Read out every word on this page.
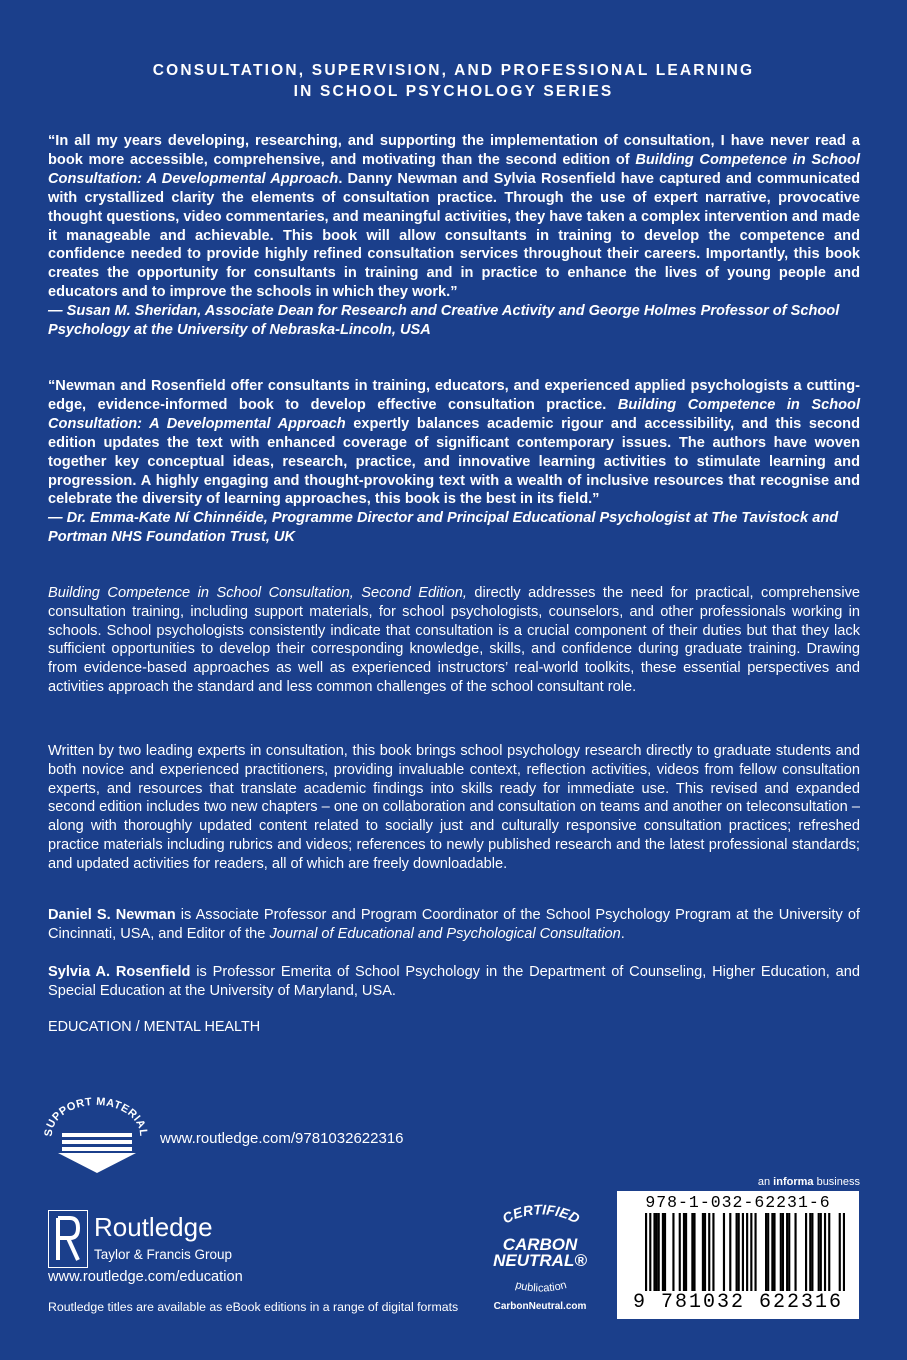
CONSULTATION, SUPERVISION, AND PROFESSIONAL LEARNING
IN SCHOOL PSYCHOLOGY SERIES
“In all my years developing, researching, and supporting the implementation of consultation, I have never read a book more accessible, comprehensive, and motivating than the second edition of Building Competence in School Consultation: A Developmental Approach. Danny Newman and Sylvia Rosenfield have captured and communicated with crystallized clarity the elements of consultation practice. Through the use of expert narrative, provocative thought questions, video commentaries, and meaningful activities, they have taken a complex intervention and made it manageable and achievable. This book will allow consultants in training to develop the competence and confidence needed to provide highly refined consultation services throughout their careers. Importantly, this book creates the opportunity for consultants in training and in practice to enhance the lives of young people and educators and to improve the schools in which they work.”
— Susan M. Sheridan, Associate Dean for Research and Creative Activity and George Holmes Professor of School Psychology at the University of Nebraska-Lincoln, USA
“Newman and Rosenfield offer consultants in training, educators, and experienced applied psychologists a cutting-edge, evidence-informed book to develop effective consultation practice. Building Competence in School Consultation: A Developmental Approach expertly balances academic rigour and accessibility, and this second edition updates the text with enhanced coverage of significant contemporary issues. The authors have woven together key conceptual ideas, research, practice, and innovative learning activities to stimulate learning and progression. A highly engaging and thought-provoking text with a wealth of inclusive resources that recognise and celebrate the diversity of learning approaches, this book is the best in its field.”
— Dr. Emma-Kate Ní Chinnéide, Programme Director and Principal Educational Psychologist at The Tavistock and Portman NHS Foundation Trust, UK
Building Competence in School Consultation, Second Edition, directly addresses the need for practical, comprehensive consultation training, including support materials, for school psychologists, counselors, and other professionals working in schools. School psychologists consistently indicate that consultation is a crucial component of their duties but that they lack sufficient opportunities to develop their corresponding knowledge, skills, and confidence during graduate training. Drawing from evidence-based approaches as well as experienced instructors’ real-world toolkits, these essential perspectives and activities approach the standard and less common challenges of the school consultant role.
Written by two leading experts in consultation, this book brings school psychology research directly to graduate students and both novice and experienced practitioners, providing invaluable context, reflection activities, videos from fellow consultation experts, and resources that translate academic findings into skills ready for immediate use. This revised and expanded second edition includes two new chapters – one on collaboration and consultation on teams and another on teleconsultation – along with thoroughly updated content related to socially just and culturally responsive consultation practices; refreshed practice materials including rubrics and videos; references to newly published research and the latest professional standards; and updated activities for readers, all of which are freely downloadable.
Daniel S. Newman is Associate Professor and Program Coordinator of the School Psychology Program at the University of Cincinnati, USA, and Editor of the Journal of Educational and Psychological Consultation.
Sylvia A. Rosenfield is Professor Emerita of School Psychology in the Department of Counseling, Higher Education, and Special Education at the University of Maryland, USA.
EDUCATION / MENTAL HEALTH
SUPPORT MATERIAL www.routledge.com/9781032622316
Routledge
Taylor & Francis Group
www.routledge.com/education
Routledge titles are available as eBook editions in a range of digital formats
CERTIFIED
CARBON
NEUTRAL®
publication
CarbonNeutral.com
an informa business
978-1-032-62231-6
9 781032 622316
